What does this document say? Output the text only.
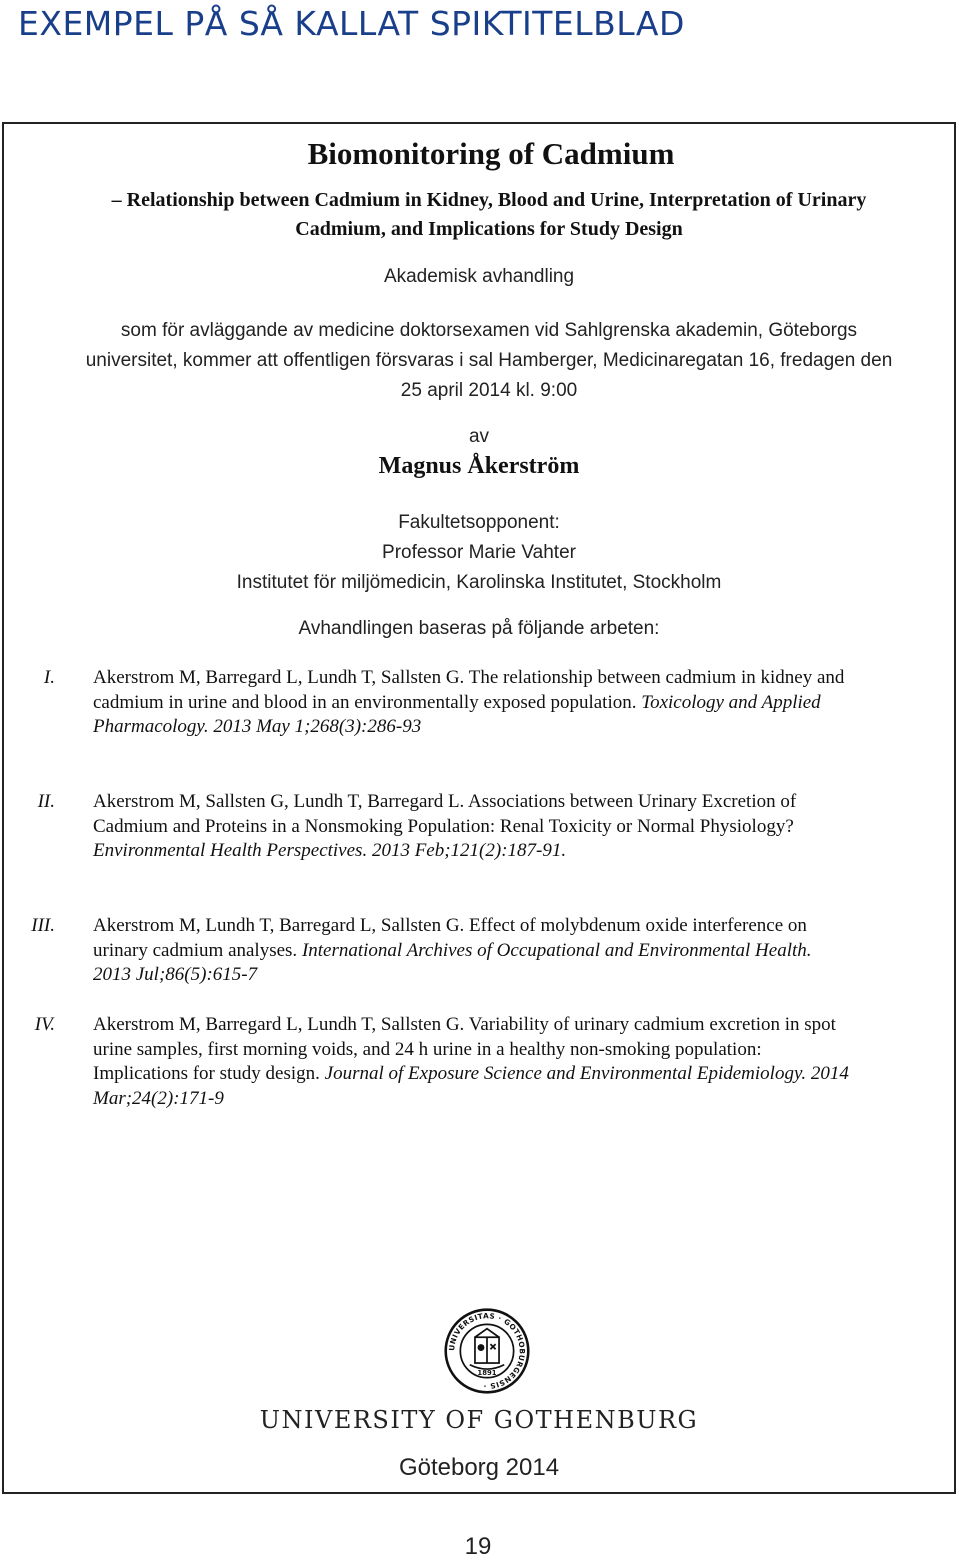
EXEMPEL PÅ SÅ KALLAT SPIKTITELBLAD
Biomonitoring of Cadmium
– Relationship between Cadmium in Kidney, Blood and Urine, Interpretation of Urinary Cadmium, and Implications for Study Design
Akademisk avhandling
som för avläggande av medicine doktorsexamen vid Sahlgrenska akademin, Göteborgs universitet, kommer att offentligen försvaras i sal Hamberger, Medicinaregatan 16, fredagen den 25 april 2014 kl. 9:00
av
Magnus Åkerström
Fakultetsopponent:
Professor Marie Vahter
Institutet för miljömedicin, Karolinska Institutet, Stockholm
Avhandlingen baseras på följande arbeten:
I. Akerstrom M, Barregard L, Lundh T, Sallsten G. The relationship between cadmium in kidney and cadmium in urine and blood in an environmentally exposed population. Toxicology and Applied Pharmacology. 2013 May 1;268(3):286-93
II. Akerstrom M, Sallsten G, Lundh T, Barregard L. Associations between Urinary Excretion of Cadmium and Proteins in a Nonsmoking Population: Renal Toxicity or Normal Physiology? Environmental Health Perspectives. 2013 Feb;121(2):187-91.
III. Akerstrom M, Lundh T, Barregard L, Sallsten G. Effect of molybdenum oxide interference on urinary cadmium analyses. International Archives of Occupational and Environmental Health. 2013 Jul;86(5):615-7
IV. Akerstrom M, Barregard L, Lundh T, Sallsten G. Variability of urinary cadmium excretion in spot urine samples, first morning voids, and 24 h urine in a healthy non-smoking population: Implications for study design. Journal of Exposure Science and Environmental Epidemiology. 2014 Mar;24(2):171-9
UNIVERSITAS · GOTHOBURGENSIS ·
1891
UNIVERSITY OF GOTHENBURG
Göteborg 2014
19
